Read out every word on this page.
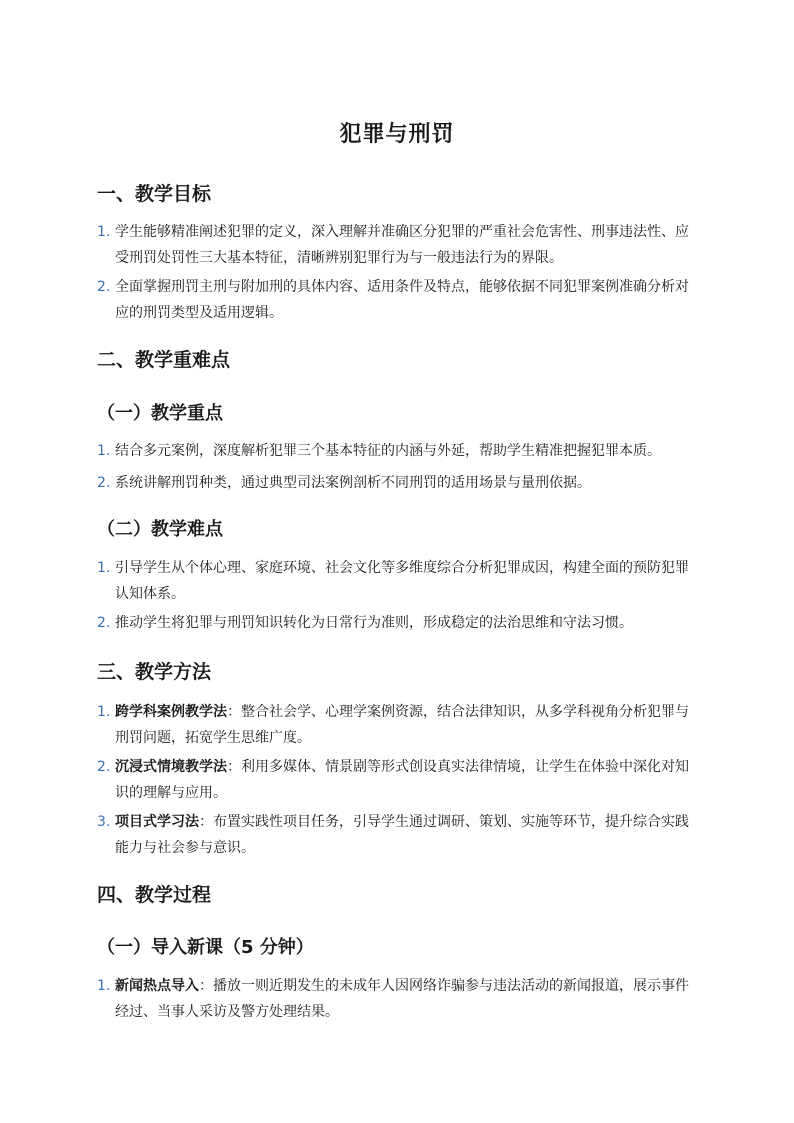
犯罪与刑罚
一、教学目标
1. 学生能够精准阐述犯罪的定义，深入理解并准确区分犯罪的严重社会危害性、刑事违法性、应受刑罚处罚性三大基本特征，清晰辨别犯罪行为与一般违法行为的界限。
2. 全面掌握刑罚主刑与附加刑的具体内容、适用条件及特点，能够依据不同犯罪案例准确分析对应的刑罚类型及适用逻辑。
二、教学重难点
（一）教学重点
1. 结合多元案例，深度解析犯罪三个基本特征的内涵与外延，帮助学生精准把握犯罪本质。
2. 系统讲解刑罚种类，通过典型司法案例剖析不同刑罚的适用场景与量刑依据。
（二）教学难点
1. 引导学生从个体心理、家庭环境、社会文化等多维度综合分析犯罪成因，构建全面的预防犯罪认知体系。
2. 推动学生将犯罪与刑罚知识转化为日常行为准则，形成稳定的法治思维和守法习惯。
三、教学方法
1. 跨学科案例教学法：整合社会学、心理学案例资源，结合法律知识，从多学科视角分析犯罪与刑罚问题，拓宽学生思维广度。
2. 沉浸式情境教学法：利用多媒体、情景剧等形式创设真实法律情境，让学生在体验中深化对知识的理解与应用。
3. 项目式学习法：布置实践性项目任务，引导学生通过调研、策划、实施等环节，提升综合实践能力与社会参与意识。
四、教学过程
（一）导入新课（5 分钟）
1. 新闻热点导入：播放一则近期发生的未成年人因网络诈骗参与违法活动的新闻报道，展示事件经过、当事人采访及警方处理结果。
